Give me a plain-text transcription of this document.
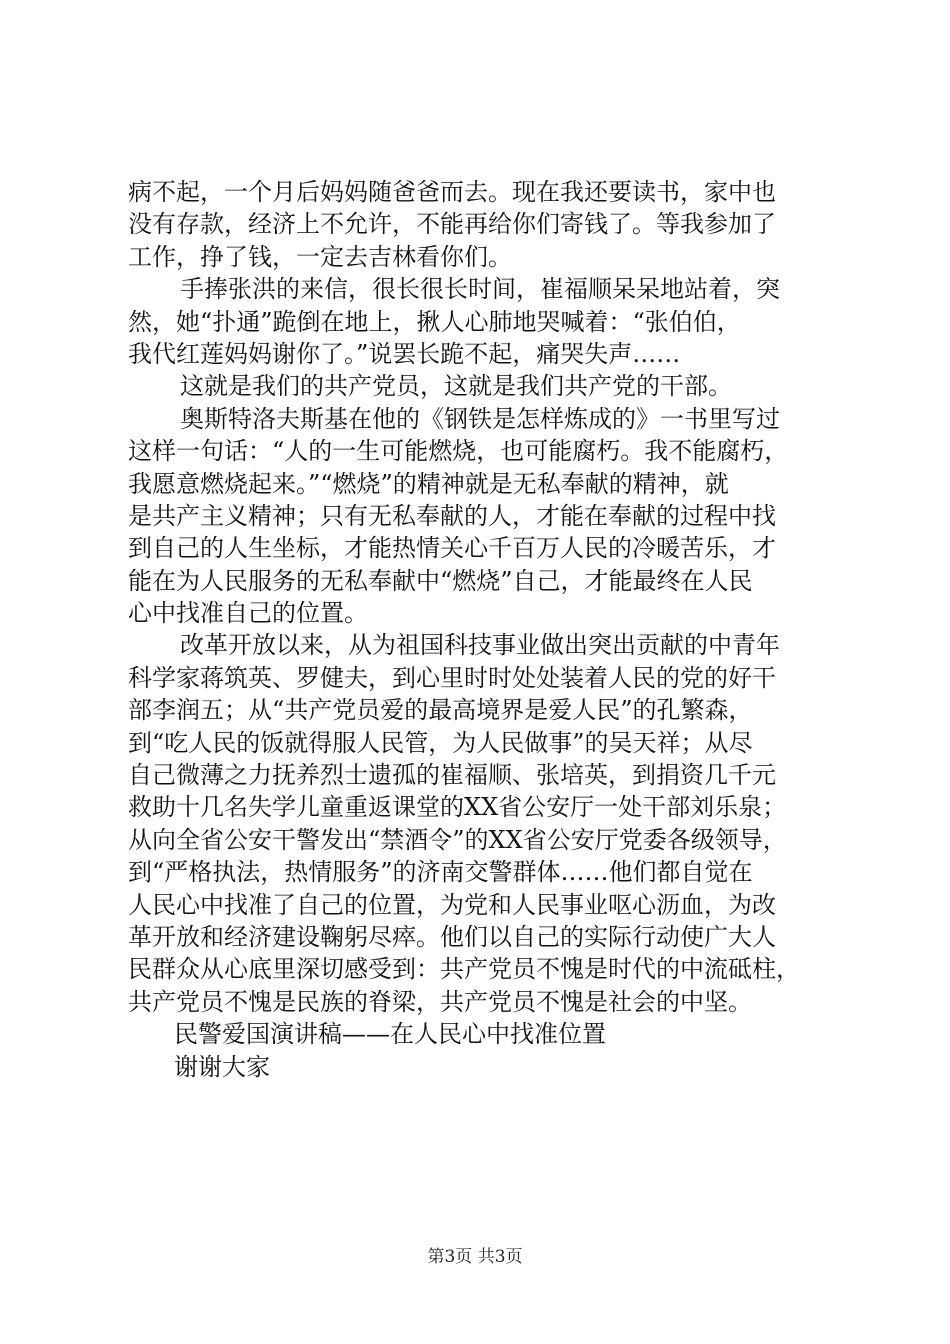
病不起，一个月后妈妈随爸爸而去。现在我还要读书，家中也
没有存款，经济上不允许，不能再给你们寄钱了。等我参加了
工作，挣了钱，一定去吉林看你们。
手捧张洪的来信，很长很长时间，崔福顺呆呆地站着，突
然，她“扑通”跪倒在地上，揪人心肺地哭喊着：“张伯伯，
我代红莲妈妈谢你了。”说罢长跪不起，痛哭失声……
这就是我们的共产党员，这就是我们共产党的干部。
奥斯特洛夫斯基在他的《钢铁是怎样炼成的》一书里写过
这样一句话：“人的一生可能燃烧，也可能腐朽。我不能腐朽，
我愿意燃烧起来。”“燃烧”的精神就是无私奉献的精神，就
是共产主义精神；只有无私奉献的人，才能在奉献的过程中找
到自己的人生坐标，才能热情关心千百万人民的冷暖苦乐，才
能在为人民服务的无私奉献中“燃烧”自己，才能最终在人民
心中找准自己的位置。
改革开放以来，从为祖国科技事业做出突出贡献的中青年
科学家蒋筑英、罗健夫，到心里时时处处装着人民的党的好干
部李润五；从“共产党员爱的最高境界是爱人民”的孔繁森，
到“吃人民的饭就得服人民管，为人民做事”的吴天祥；从尽
自己微薄之力抚养烈士遗孤的崔福顺、张培英，到捐资几千元
救助十几名失学儿童重返课堂的XX省公安厅一处干部刘乐泉；
从向全省公安干警发出“禁酒令”的XX省公安厅党委各级领导，
到“严格执法，热情服务”的济南交警群体……他们都自觉在
人民心中找准了自己的位置，为党和人民事业呕心沥血，为改
革开放和经济建设鞠躬尽瘁。他们以自己的实际行动使广大人
民群众从心底里深切感受到：共产党员不愧是时代的中流砥柱，
共产党员不愧是民族的脊梁，共产党员不愧是社会的中坚。
民警爱国演讲稿——在人民心中找准位置
谢谢大家
第3页 共3页
